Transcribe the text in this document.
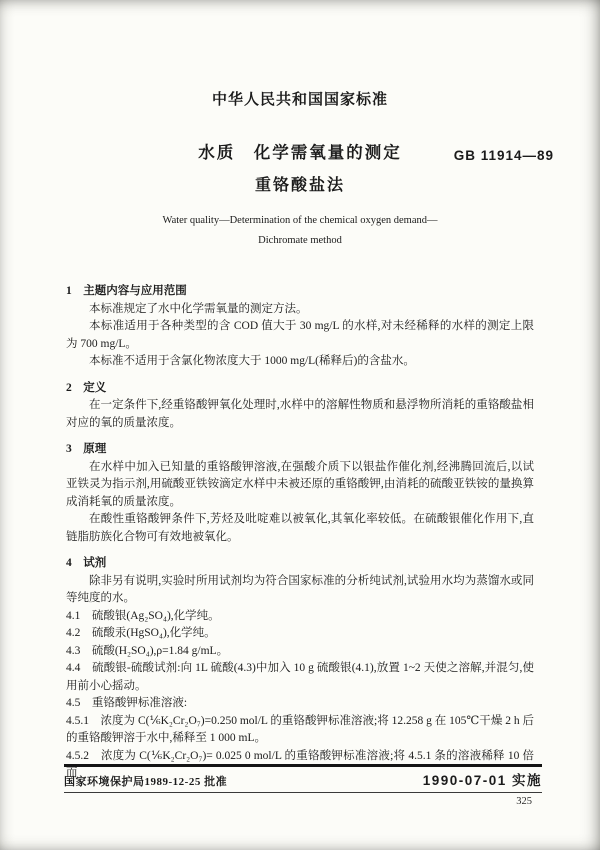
中华人民共和国国家标准
水质　化学需氧量的测定
重铬酸盐法
Water quality—Determination of the chemical oxygen demand—
Dichromate method
1　主题内容与应用范围

本标准规定了水中化学需氧量的测定方法。

本标准适用于各种类型的含 COD 值大于 30 mg/L 的水样,对未经稀释的水样的测定上限为 700 mg/L。

本标准不适用于含氯化物浓度大于 1000 mg/L(稀释后)的含盐水。

2　定义

在一定条件下,经重铬酸钾氧化处理时,水样中的溶解性物质和悬浮物所消耗的重铬酸盐相对应的氧的质量浓度。

3　原理

在水样中加入已知量的重铬酸钾溶液,在强酸介质下以银盐作催化剂,经沸腾回流后,以试亚铁灵为指示剂,用硫酸亚铁铵滴定水样中未被还原的重铬酸钾,由消耗的硫酸亚铁铵的量换算成消耗氧的质量浓度。

在酸性重铬酸钾条件下,芳烃及吡啶难以被氧化,其氧化率较低。在硫酸银催化作用下,直链脂肪族化合物可有效地被氧化。

4　试剂

除非另有说明,实验时所用试剂均为符合国家标准的分析纯试剂,试验用水均为蒸馏水或同等纯度的水。

4.1　硫酸银(Ag₂SO₄),化学纯。

4.2　硫酸汞(HgSO₄),化学纯。

4.3　硫酸(H₂SO₄),ρ=1.84 g/mL。

4.4　硫酸银-硫酸试剂:向 1L 硫酸(4.3)中加入 10 g 硫酸银(4.1),放置 1~2 天使之溶解,并混匀,使用前小心摇动。

4.5　重铬酸钾标准溶液:

4.5.1　浓度为 C(⅙K₂Cr₂O₇)=0.250 mol/L 的重铬酸钾标准溶液;将 12.258 g 在 105℃干燥 2 h 后的重铬酸钾溶于水中,稀释至 1 000 mL。

4.5.2　浓度为 C(⅙K₂Cr₂O₇)= 0.025 0 mol/L 的重铬酸钾标准溶液;将 4.5.1 条的溶液稀释 10 倍而

GB 11914—89
国家环境保护局1989-12-25 批准	1990-07-01 实施
325
